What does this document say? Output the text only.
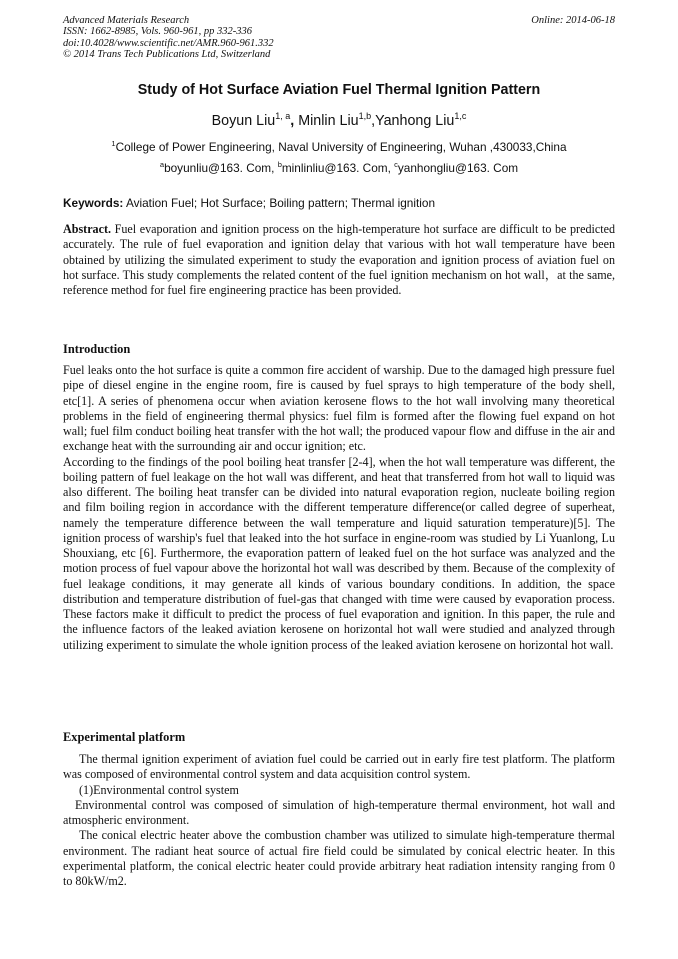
Advanced Materials Research
ISSN: 1662-8985, Vols. 960-961, pp 332-336
doi:10.4028/www.scientific.net/AMR.960-961.332
© 2014 Trans Tech Publications Ltd, Switzerland
Online: 2014-06-18
Study of Hot Surface Aviation Fuel Thermal Ignition Pattern
Boyun Liu$^{1, a}$, Minlin Liu$^{1,b}$,Yanhong Liu$^{1,c}$
$^1$College of Power Engineering, Naval University of Engineering, Wuhan ,430033,China
$^a$boyunliu@163. Com, $^b$minlinliu@163. Com, $^c$yanhongliu@163. Com
Keywords: Aviation Fuel; Hot Surface; Boiling pattern; Thermal ignition

Abstract. Fuel evaporation and ignition process on the high-temperature hot surface are difficult to be predicted accurately. The rule of fuel evaporation and ignition delay that various with hot wall temperature have been obtained by utilizing the simulated experiment to study the evaporation and ignition process of aviation fuel on hot surface. This study complements the related content of the fuel ignition mechanism on hot wall，at the same, reference method for fuel fire engineering practice has been provided.

Introduction

Fuel leaks onto the hot surface is quite a common fire accident of warship. Due to the damaged high pressure fuel pipe of diesel engine in the engine room, fire is caused by fuel sprays to high temperature of the body shell, etc[1]. A series of phenomena occur when aviation kerosene flows to the hot wall involving many theoretical problems in the field of engineering thermal physics: fuel film is formed after the flowing fuel expand on hot wall; fuel film conduct boiling heat transfer with the hot wall; the produced vapour flow and diffuse in the air and exchange heat with the surrounding air and occur ignition; etc.

According to the findings of the pool boiling heat transfer [2-4], when the hot wall temperature was different, the boiling pattern of fuel leakage on the hot wall was different, and heat that transferred from hot wall to liquid was also different. The boiling heat transfer can be divided into natural evaporation region, nucleate boiling region and film boiling region in accordance with the different temperature difference(or called degree of superheat, namely the temperature difference between the wall temperature and liquid saturation temperature)[5]. The ignition process of warship's fuel that leaked into the hot surface in engine-room was studied by Li Yuanlong, Lu Shouxiang, etc [6]. Furthermore, the evaporation pattern of leaked fuel on the hot surface was analyzed and the motion process of fuel vapour above the horizontal hot wall was described by them. Because of the complexity of fuel leakage conditions, it may generate all kinds of various boundary conditions. In addition, the space distribution and temperature distribution of fuel-gas that changed with time were caused by evaporation process. These factors make it difficult to predict the process of fuel evaporation and ignition. In this paper, the rule and the influence factors of the leaked aviation kerosene on horizontal hot wall were studied and analyzed through utilizing experiment to simulate the whole ignition process of the leaked aviation kerosene on horizontal hot wall.

Experimental platform

The thermal ignition experiment of aviation fuel could be carried out in early fire test platform. The platform was composed of environmental control system and data acquisition control system.

(1)Environmental control system

Environmental control was composed of simulation of high-temperature thermal environment, hot wall and atmospheric environment.

The conical electric heater above the combustion chamber was utilized to simulate high-temperature thermal environment. The radiant heat source of actual fire field could be simulated by conical electric heater. In this experimental platform, the conical electric heater could provide arbitrary heat radiation intensity ranging from 0 to 80kW/m2.
